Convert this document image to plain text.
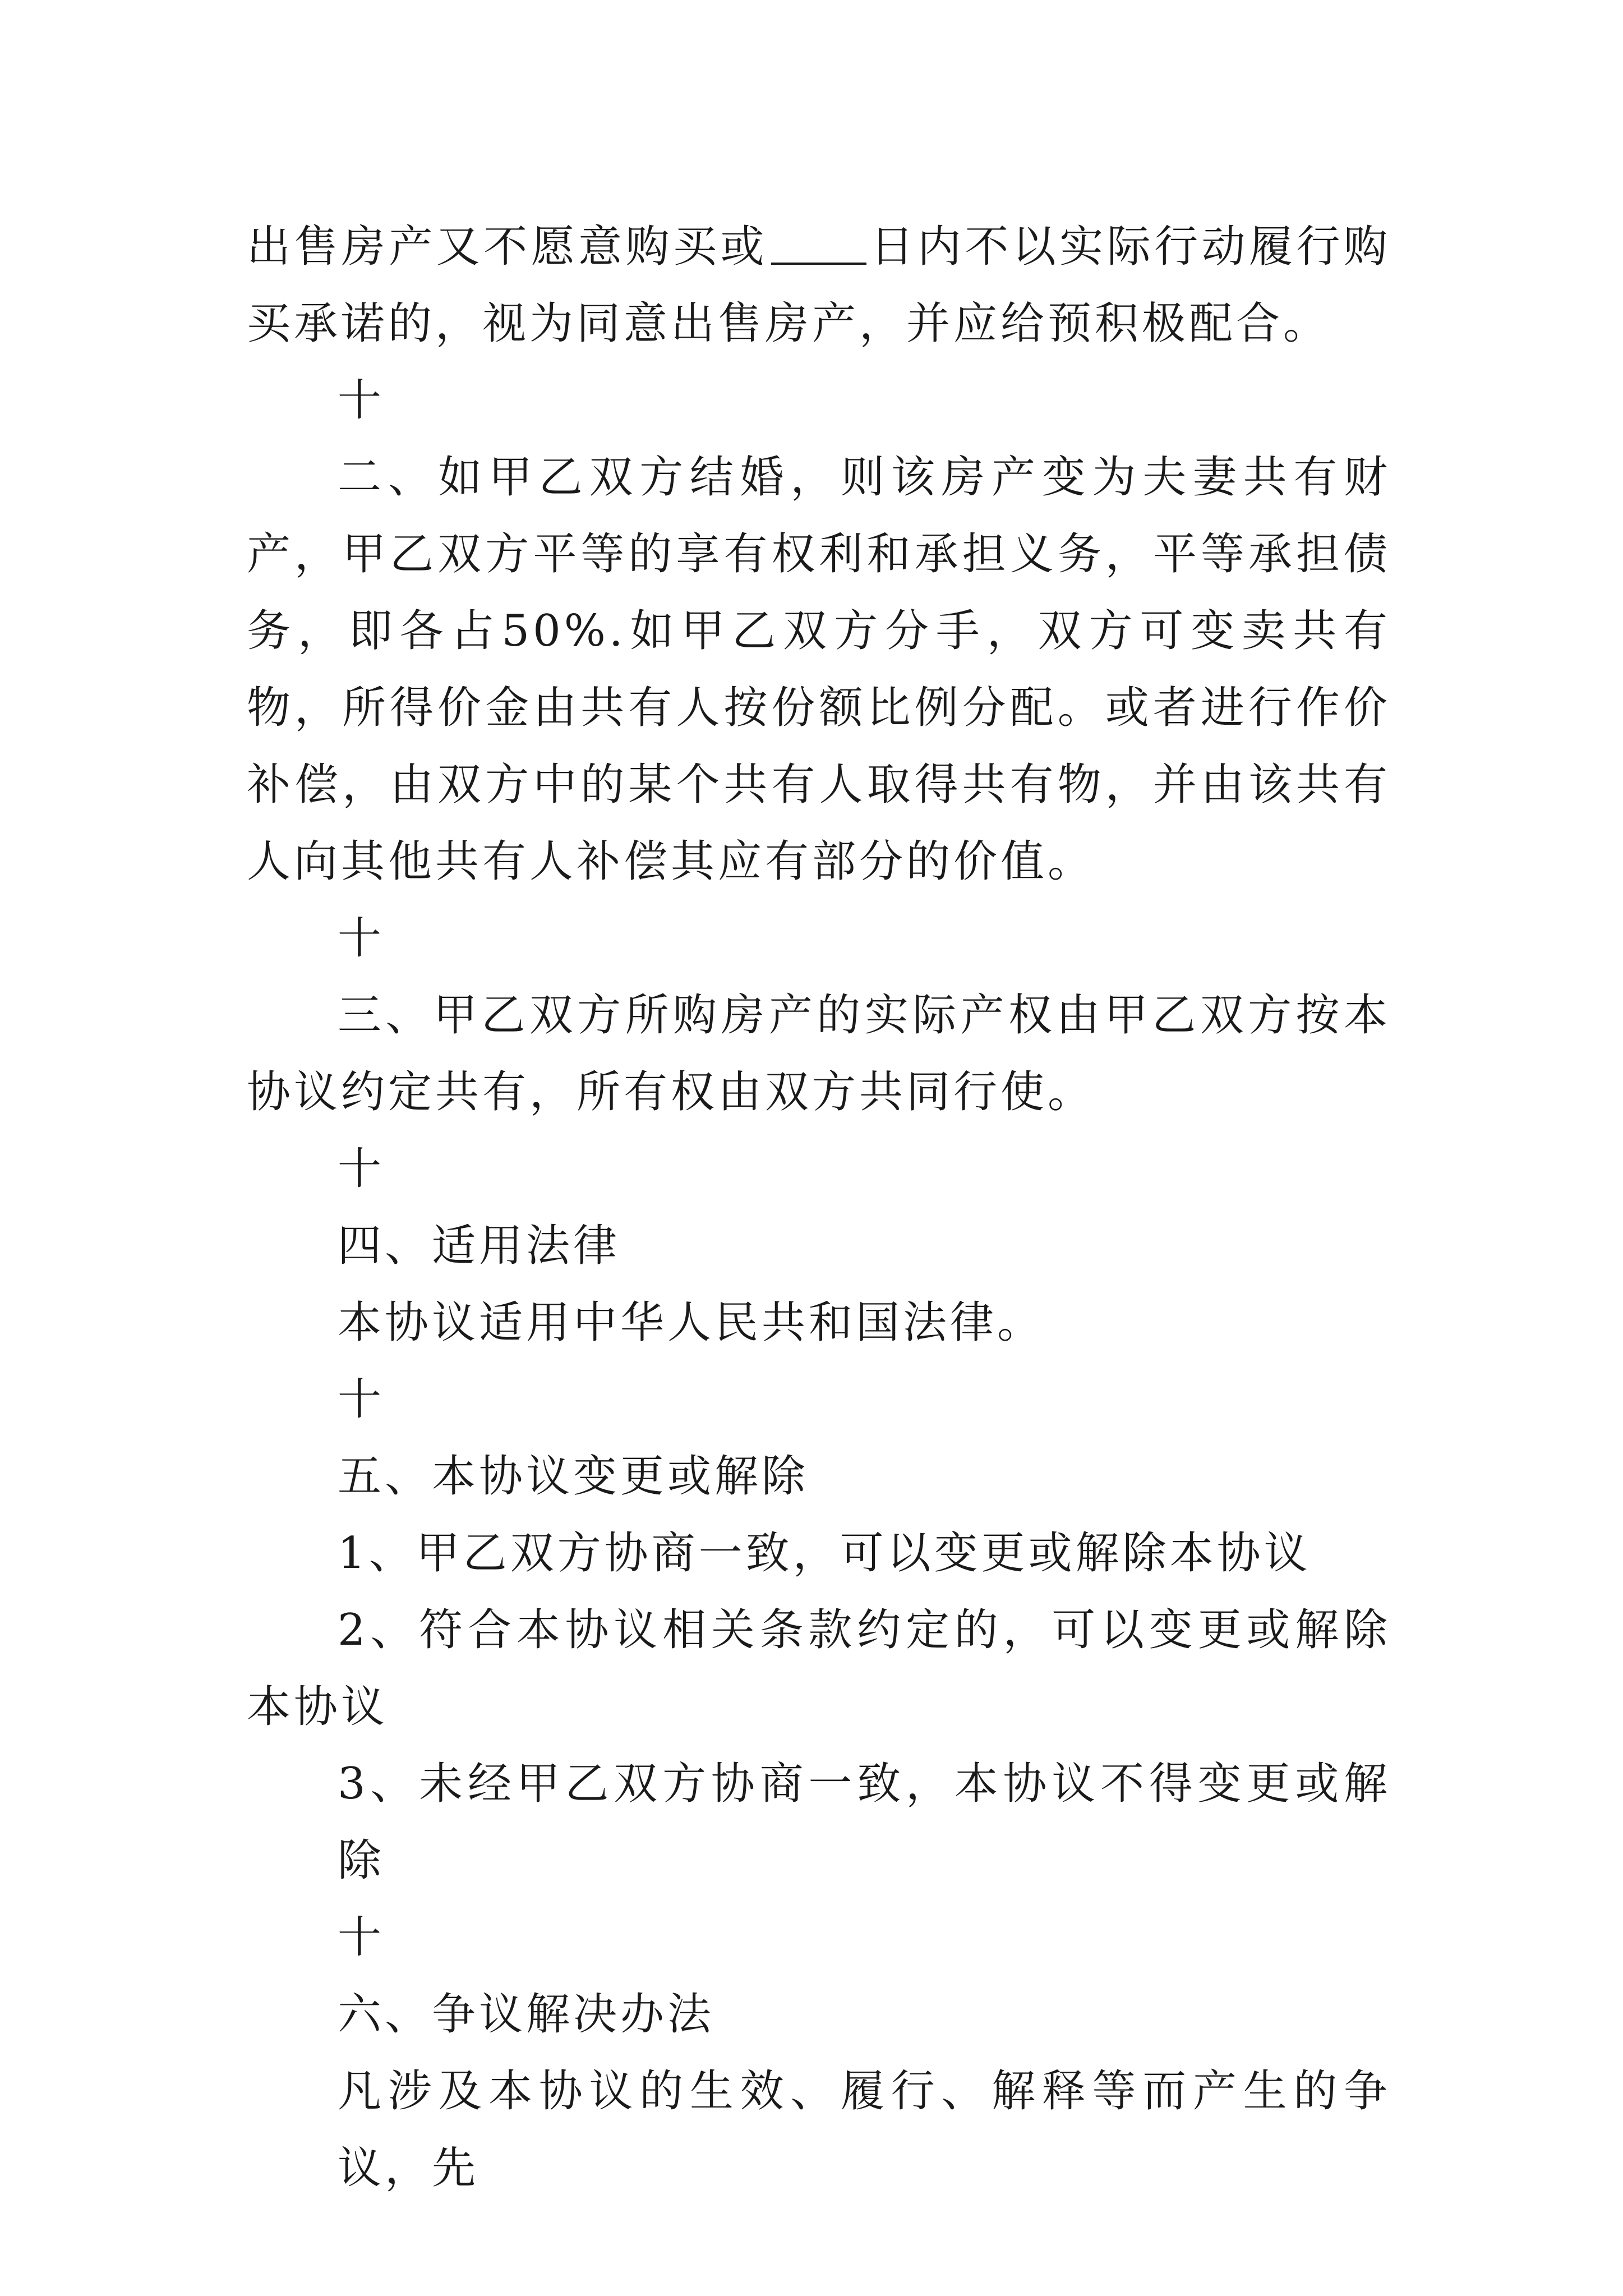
出售房产又不愿意购买或 日内不以实际行动履行购买承诺的，视为同意出售房产，并应给预积极配合。

十

二、如甲乙双方结婚，则该房产变为夫妻共有财产，甲乙双方平等的享有权利和承担义务，平等承担债务，即各占50%.如甲乙双方分手，双方可变卖共有物，所得价金由共有人按份额比例分配。或者进行作价补偿，由双方中的某个共有人取得共有物，并由该共有人向其他共有人补偿其应有部分的价值。

十

三、甲乙双方所购房产的实际产权由甲乙双方按本协议约定共有，所有权由双方共同行使。

十

四、适用法律

本协议适用中华人民共和国法律。

十

五、本协议变更或解除

1、甲乙双方协商一致，可以变更或解除本协议

2、符合本协议相关条款约定的，可以变更或解除本协议

3、未经甲乙双方协商一致，本协议不得变更或解除

十

六、争议解决办法

凡涉及本协议的生效、履行、解释等而产生的争议，先
